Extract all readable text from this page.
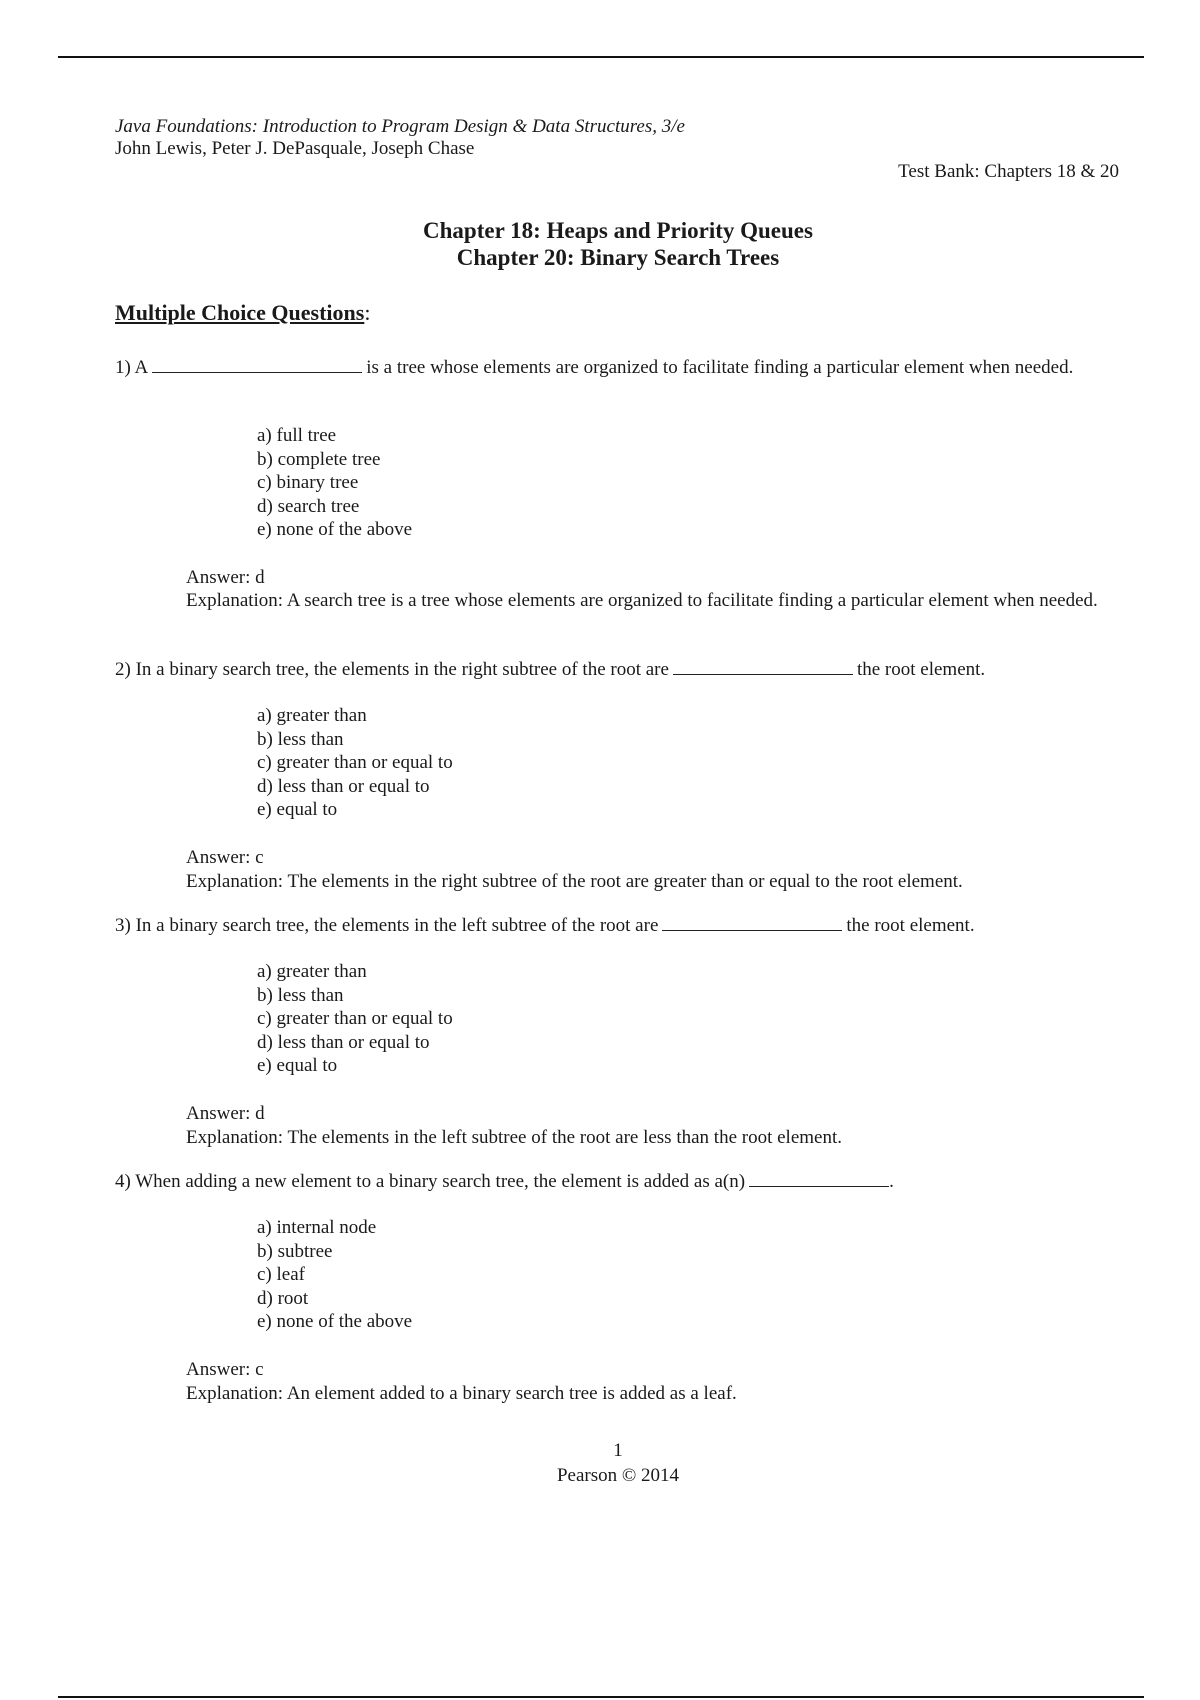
Java Foundations: Introduction to Program Design & Data Structures, 3/e
John Lewis, Peter J. DePasquale, Joseph Chase
Test Bank: Chapters 18 & 20
Chapter 18: Heaps and Priority Queues
Chapter 20: Binary Search Trees
Multiple Choice Questions:
1) A	is a tree whose elements are organized to facilitate finding a particular element when needed.
a) full tree
b) complete tree
c) binary tree
d) search tree
e) none of the above
Answer: d
Explanation: A search tree is a tree whose elements are organized to facilitate finding a particular element when needed.
2) In a binary search tree, the elements in the right subtree of the root are	the root element.
a) greater than
b) less than
c) greater than or equal to
d) less than or equal to
e) equal to
Answer: c
Explanation: The elements in the right subtree of the root are greater than or equal to the root element.
3) In a binary search tree, the elements in the left subtree of the root are	the root element.
a) greater than
b) less than
c) greater than or equal to
d) less than or equal to
e) equal to
Answer: d
Explanation: The elements in the left subtree of the root are less than the root element.
4) When adding a new element to a binary search tree, the element is added as a(n)	.
a) internal node
b) subtree
c) leaf
d) root
e) none of the above
Answer: c
Explanation: An element added to a binary search tree is added as a leaf.
1
Pearson © 2014
